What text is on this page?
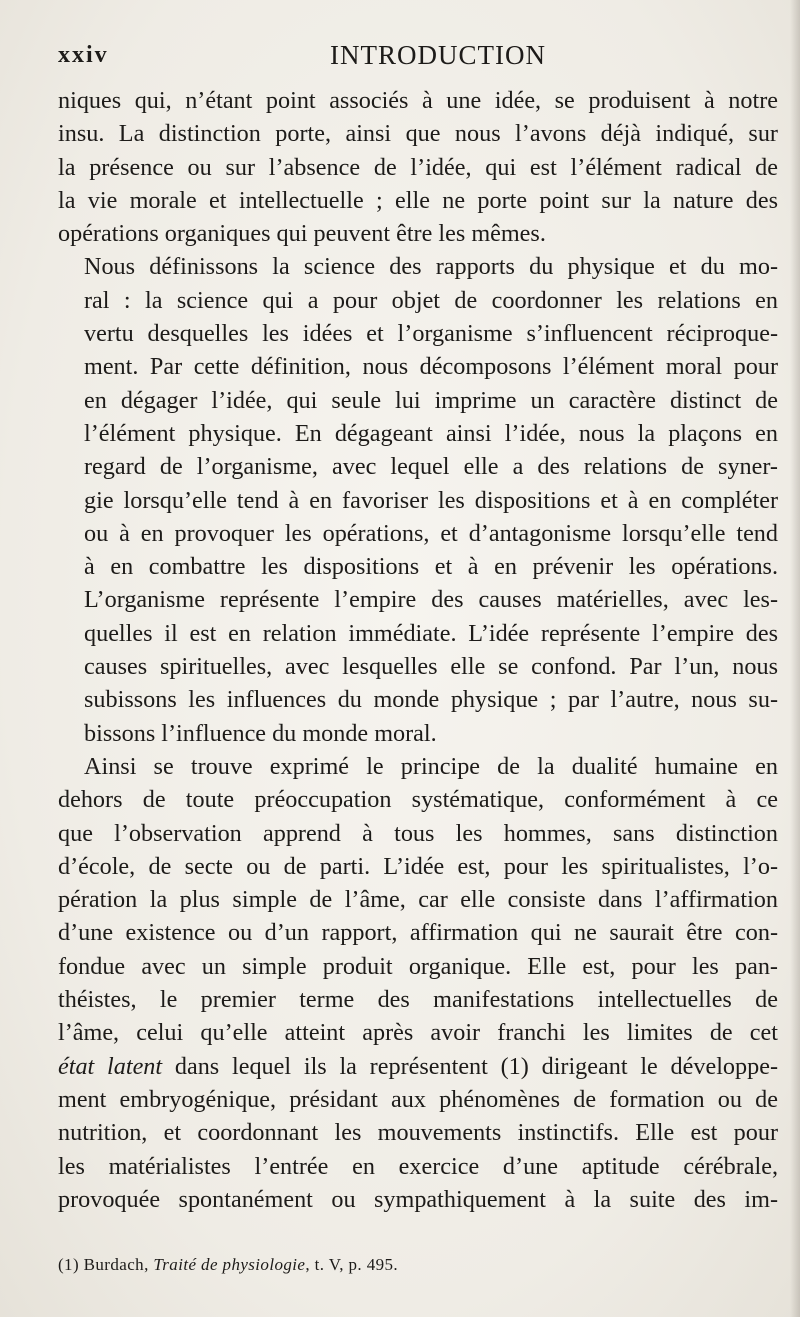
xxiv	INTRODUCTION

niques qui, n’étant point associés à une idée, se produisent à notre
insu. La distinction porte, ainsi que nous l’avons déjà indiqué, sur
la présence ou sur l’absence de l’idée, qui est l’élément radical de
la vie morale et intellectuelle ; elle ne porte point sur la nature des
opérations organiques qui peuvent être les mêmes.

Nous définissons la science des rapports du physique et du mo-
ral : la science qui a pour objet de coordonner les relations en
vertu desquelles les idées et l’organisme s’influencent réciproque-
ment. Par cette définition, nous décomposons l’élément moral pour
en dégager l’idée, qui seule lui imprime un caractère distinct de
l’élément physique. En dégageant ainsi l’idée, nous la plaçons en
regard de l’organisme, avec lequel elle a des relations de syner-
gie lorsqu’elle tend à en favoriser les dispositions et à en compléter
ou à en provoquer les opérations, et d’antagonisme lorsqu’elle tend
à en combattre les dispositions et à en prévenir les opérations.
L’organisme représente l’empire des causes matérielles, avec les-
quelles il est en relation immédiate. L’idée représente l’empire des
causes spirituelles, avec lesquelles elle se confond. Par l’un, nous
subissons les influences du monde physique ; par l’autre, nous su-
bissons l’influence du monde moral.

Ainsi se trouve exprimé le principe de la dualité humaine en
dehors de toute préoccupation systématique, conformément à ce
que l’observation apprend à tous les hommes, sans distinction
d’école, de secte ou de parti. L’idée est, pour les spiritualistes, l’o-
pération la plus simple de l’âme, car elle consiste dans l’affirmation
d’une existence ou d’un rapport, affirmation qui ne saurait être con-
fondue avec un simple produit organique. Elle est, pour les pan-
théistes, le premier terme des manifestations intellectuelles de
l’âme, celui qu’elle atteint après avoir franchi les limites de cet
état latent dans lequel ils la représentent (1) dirigeant le développe-
ment embryogénique, présidant aux phénomènes de formation ou de
nutrition, et coordonnant les mouvements instinctifs. Elle est pour
les matérialistes l’entrée en exercice d’une aptitude cérébrale,
provoquée spontanément ou sympathiquement à la suite des im-

(1) Burdach, Traité de physiologie, t. V, p. 495.
